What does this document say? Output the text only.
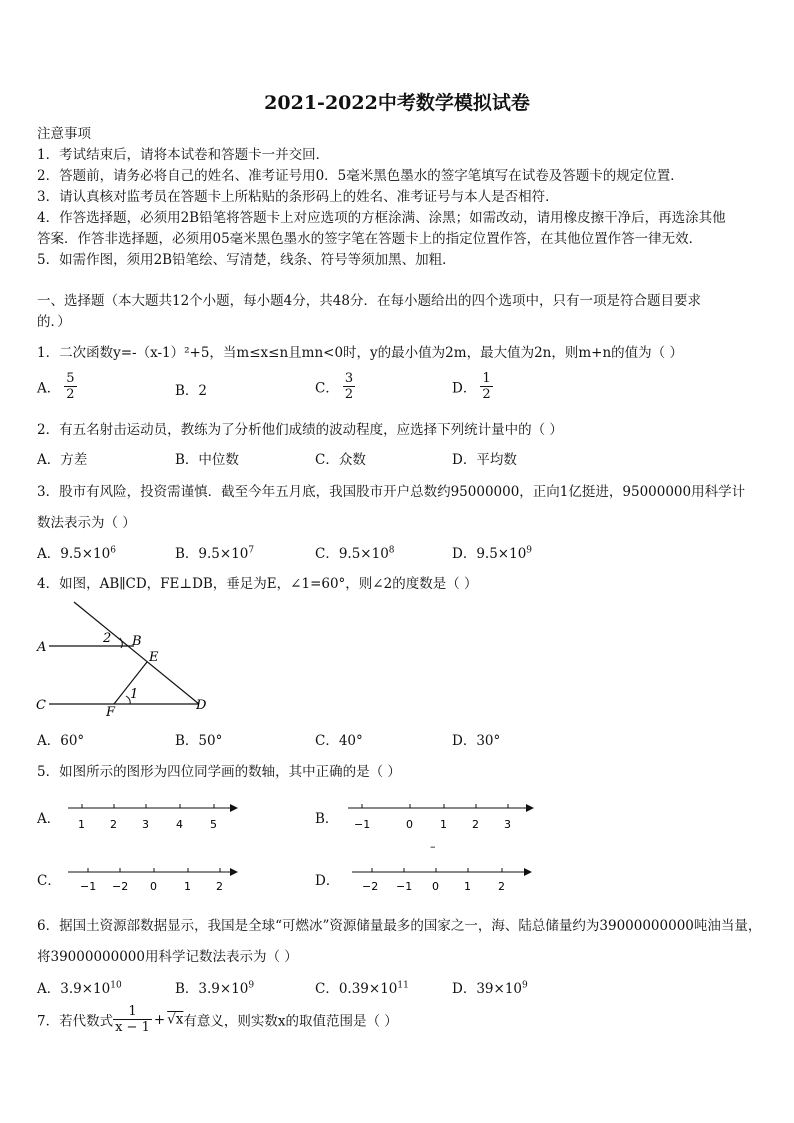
2021-2022中考数学模拟试卷
注意事项
1．考试结束后，请将本试卷和答题卡一并交回．
2．答题前，请务必将自己的姓名、准考证号用0．5毫米黑色墨水的签字笔填写在试卷及答题卡的规定位置．
3．请认真核对监考员在答题卡上所粘贴的条形码上的姓名、准考证号与本人是否相符．
4．作答选择题，必须用2B铅笔将答题卡上对应选项的方框涂满、涂黑；如需改动，请用橡皮擦干净后，再选涂其他
答案．作答非选择题，必须用05毫米黑色墨水的签字笔在答题卡上的指定位置作答，在其他位置作答一律无效．
5．如需作图，须用2B铅笔绘、写清楚，线条、符号等须加黑、加粗．
一、选择题（本大题共12个小题，每小题4分，共48分．在每小题给出的四个选项中，只有一项是符合题目要求
的．）
1．二次函数y=-（x-1）²+5，当m≤x≤n且mn<0时，y的最小值为2m，最大值为2n，则m+n的值为（ ）
A． $\frac{5}{2}$	B．2	C． $\frac{3}{2}$	D． $\frac{1}{2}$
2．有五名射击运动员，教练为了分析他们成绩的波动程度，应选择下列统计量中的（ ）
A．方差	B．中位数	C．众数	D．平均数
3．股市有风险，投资需谨慎．截至今年五月底，我国股市开户总数约95000000，正向1亿挺进，95000000用科学计
数法表示为（ ）
A．$9.5\times 10^6$	B．$9.5\times 10^7$	C．$9.5\times 10^8$	D．$9.5\times 10^9$
4．如图，AB∥CD，FE⊥DB，垂足为E，∠1=60°，则∠2的度数是（ ）
A	B
C	D
E
F
1
2
A．60°	B．50°	C．40°	D．30°
5．如图所示的图形为四位同学画的数轴，其中正确的是（ ）
A． 1 2 3 4 5	B． −1	0 1 2 3
–
C． −1 −2 0 1 2	D． −2 −1 0 1 2
6．据国土资源部数据显示，我国是全球“可燃冰”资源储量最多的国家之一，海、陆总储量约为39000000000吨油当量，
将39000000000用科学记数法表示为（ ）
A．$3.9\times 10^{10}$	B．$3.9\times 10^9$	C．$0.39\times 10^{11}$	D．$39\times 10^9$
7．若代数式 $\frac{1}{x - 1} + √x$有意义，则实数x的取值范围是（ ）
